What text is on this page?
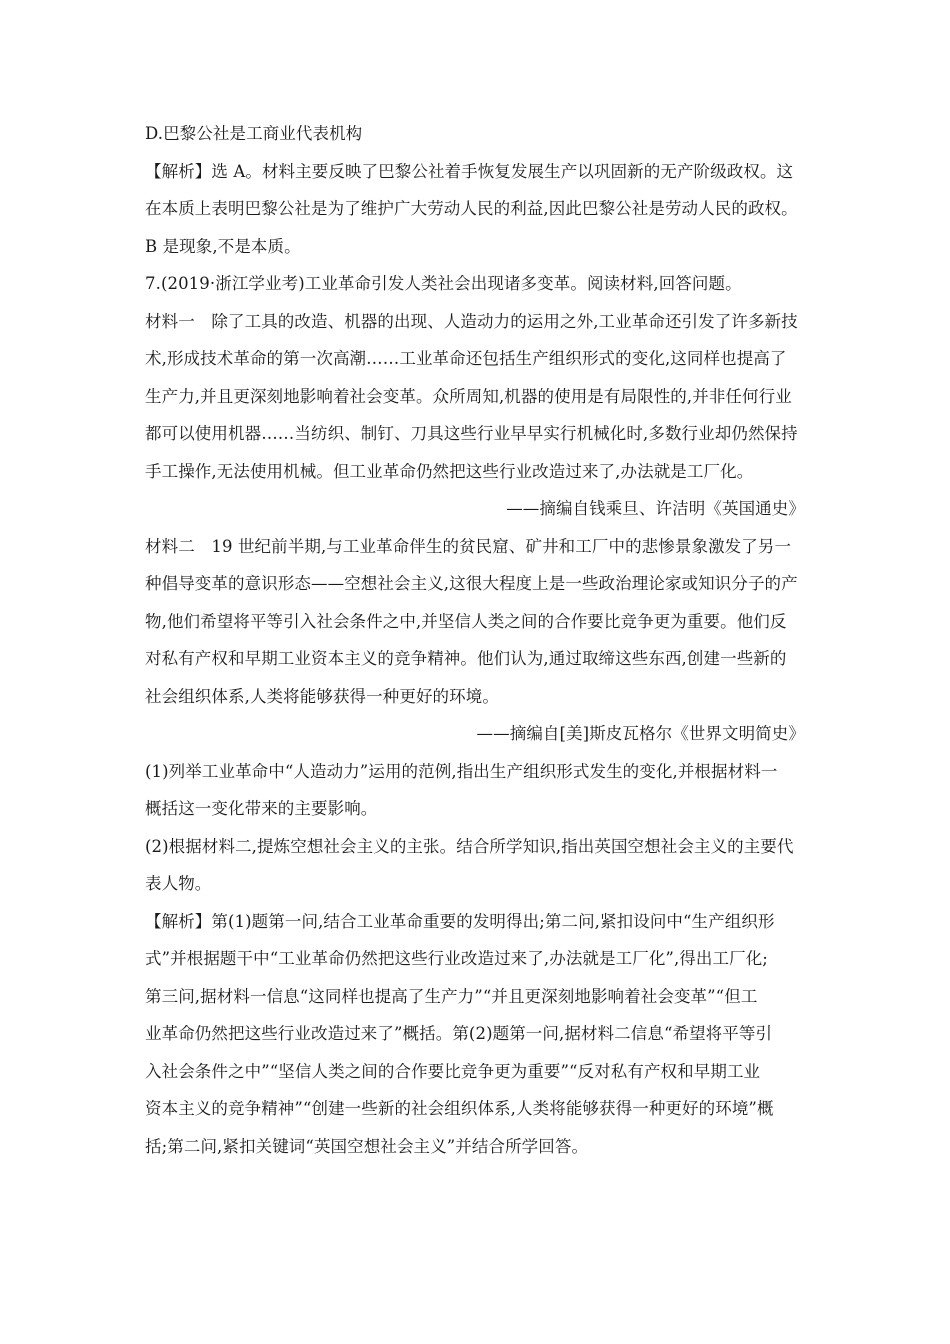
D.巴黎公社是工商业代表机构
【解析】选 A。材料主要反映了巴黎公社着手恢复发展生产以巩固新的无产阶级政权。这
在本质上表明巴黎公社是为了维护广大劳动人民的利益,因此巴黎公社是劳动人民的政权。
B 是现象,不是本质。
7.(2019·浙江学业考)工业革命引发人类社会出现诸多变革。阅读材料,回答问题。
材料一　除了工具的改造、机器的出现、人造动力的运用之外,工业革命还引发了许多新技
术,形成技术革命的第一次高潮……工业革命还包括生产组织形式的变化,这同样也提高了
生产力,并且更深刻地影响着社会变革。众所周知,机器的使用是有局限性的,并非任何行业
都可以使用机器……当纺织、制钉、刀具这些行业早早实行机械化时,多数行业却仍然保持
手工操作,无法使用机械。但工业革命仍然把这些行业改造过来了,办法就是工厂化。
——摘编自钱乘旦、许洁明《英国通史》
材料二　19 世纪前半期,与工业革命伴生的贫民窟、矿井和工厂中的悲惨景象激发了另一
种倡导变革的意识形态——空想社会主义,这很大程度上是一些政治理论家或知识分子的产
物,他们希望将平等引入社会条件之中,并坚信人类之间的合作要比竞争更为重要。他们反
对私有产权和早期工业资本主义的竞争精神。他们认为,通过取缔这些东西,创建一些新的
社会组织体系,人类将能够获得一种更好的环境。
——摘编自[美]斯皮瓦格尔《世界文明简史》
(1)列举工业革命中“人造动力”运用的范例,指出生产组织形式发生的变化,并根据材料一
概括这一变化带来的主要影响。
(2)根据材料二,提炼空想社会主义的主张。结合所学知识,指出英国空想社会主义的主要代
表人物。
【解析】第(1)题第一问,结合工业革命重要的发明得出;第二问,紧扣设问中“生产组织形
式”并根据题干中“工业革命仍然把这些行业改造过来了,办法就是工厂化”,得出工厂化;
第三问,据材料一信息“这同样也提高了生产力”“并且更深刻地影响着社会变革”“但工
业革命仍然把这些行业改造过来了”概括。第(2)题第一问,据材料二信息“希望将平等引
入社会条件之中”“坚信人类之间的合作要比竞争更为重要”“反对私有产权和早期工业
资本主义的竞争精神”“创建一些新的社会组织体系,人类将能够获得一种更好的环境”概
括;第二问,紧扣关键词“英国空想社会主义”并结合所学回答。
